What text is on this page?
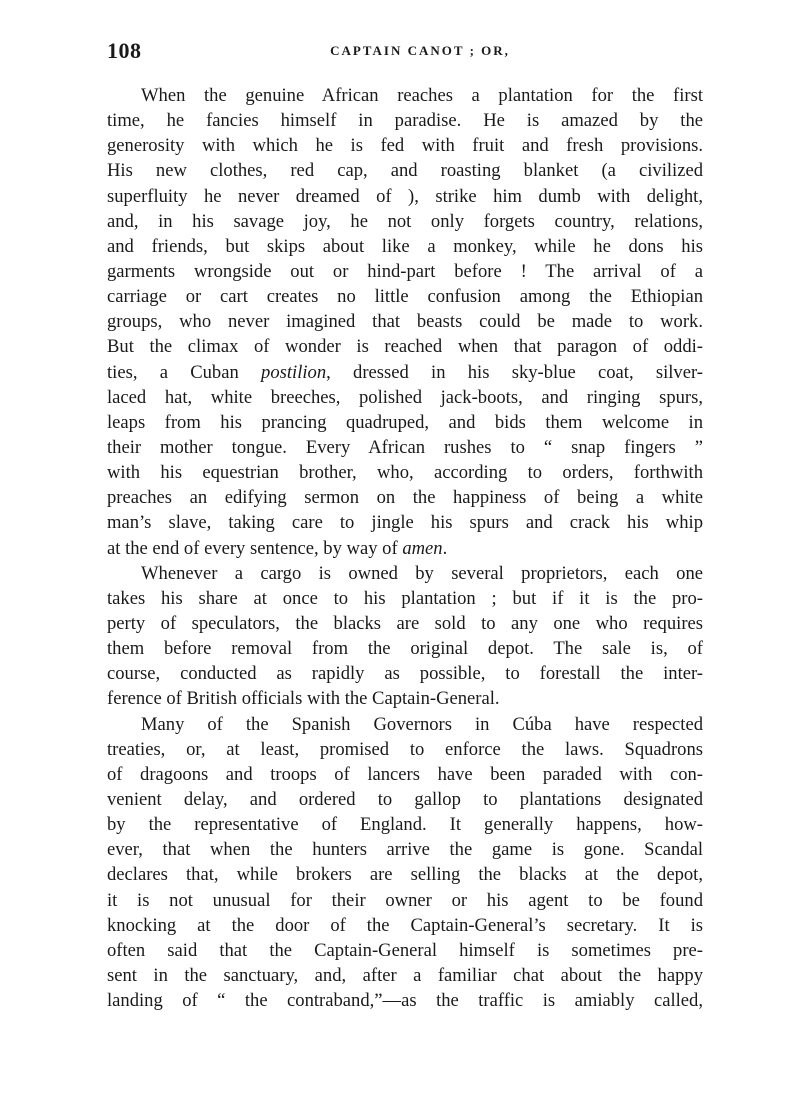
108	CAPTAIN CANOT ; OR,
When the genuine African reaches a plantation for the first
time, he fancies himself in paradise. He is amazed by the
generosity with which he is fed with fruit and fresh provisions.
His new clothes, red cap, and roasting blanket (a civilized
superfluity he never dreamed of ), strike him dumb with delight,
and, in his savage joy, he not only forgets country, relations,
and friends, but skips about like a monkey, while he dons his
garments wrongside out or hind-part before ! The arrival of a
carriage or cart creates no little confusion among the Ethiopian
groups, who never imagined that beasts could be made to work.
But the climax of wonder is reached when that paragon of oddi-
ties, a Cuban postilion, dressed in his sky-blue coat, silver-
laced hat, white breeches, polished jack-boots, and ringing spurs,
leaps from his prancing quadruped, and bids them welcome in
their mother tongue. Every African rushes to “ snap fingers ”
with his equestrian brother, who, according to orders, forthwith
preaches an edifying sermon on the happiness of being a white
man’s slave, taking care to jingle his spurs and crack his whip
at the end of every sentence, by way of amen.
Whenever a cargo is owned by several proprietors, each one
takes his share at once to his plantation ; but if it is the pro-
perty of speculators, the blacks are sold to any one who requires
them before removal from the original depot. The sale is, of
course, conducted as rapidly as possible, to forestall the inter-
ference of British officials with the Captain-General.
Many of the Spanish Governors in Cúba have respected
treaties, or, at least, promised to enforce the laws. Squadrons
of dragoons and troops of lancers have been paraded with con-
venient delay, and ordered to gallop to plantations designated
by the representative of England. It generally happens, how-
ever, that when the hunters arrive the game is gone. Scandal
declares that, while brokers are selling the blacks at the depot,
it is not unusual for their owner or his agent to be found
knocking at the door of the Captain-General’s secretary. It is
often said that the Captain-General himself is sometimes pre-
sent in the sanctuary, and, after a familiar chat about the happy
landing of “ the contraband,”—as the traffic is amiably called,
